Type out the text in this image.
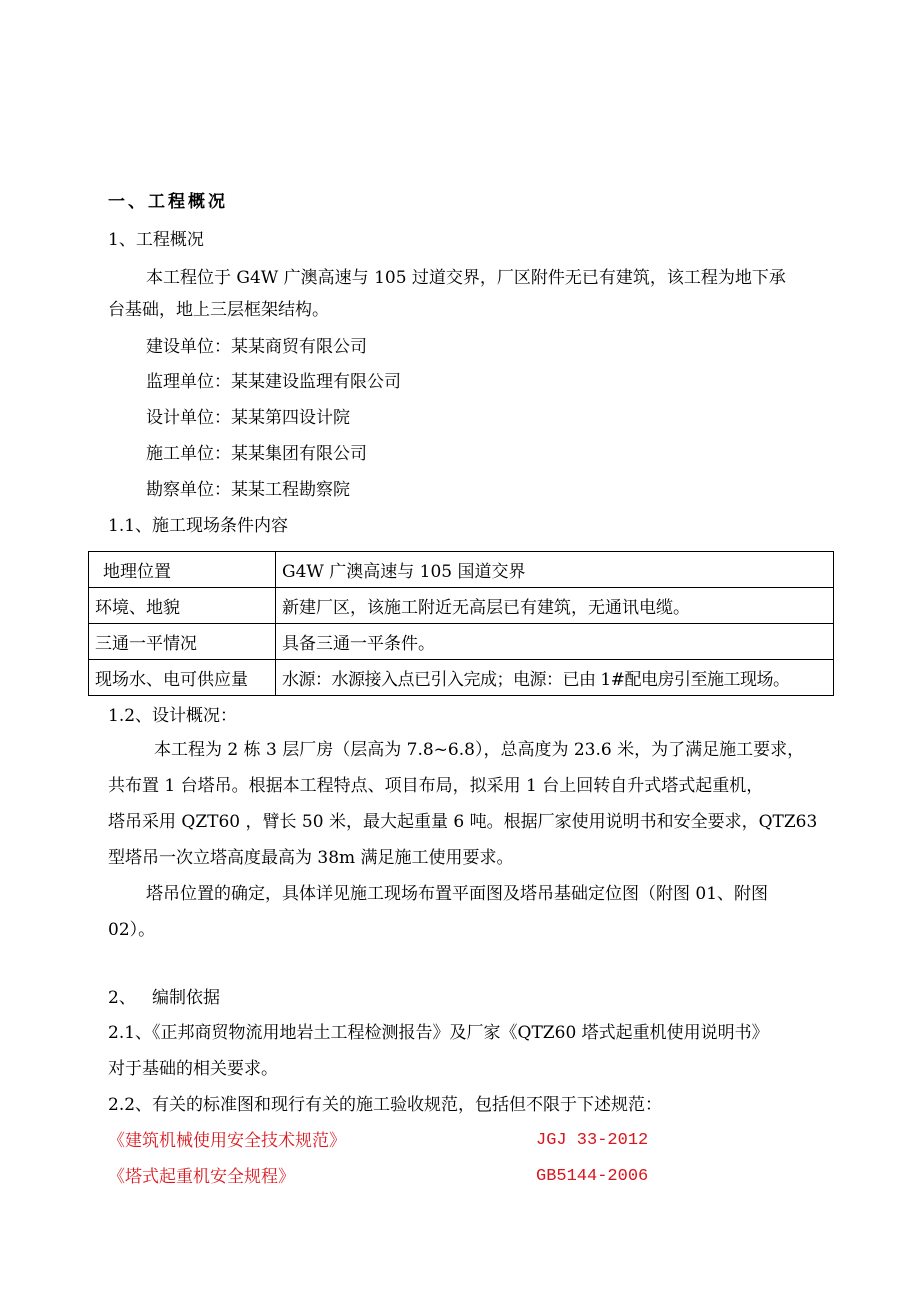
一、工程概况
1、工程概况
本工程位于 G4W 广澳高速与 105 过道交界，厂区附件无已有建筑，该工程为地下承
台基础，地上三层框架结构。
建设单位：某某商贸有限公司
监理单位：某某建设监理有限公司
设计单位：某某第四设计院
施工单位：某某集团有限公司
勘察单位：某某工程勘察院
1.1、施工现场条件内容
地理位置	G4W 广澳高速与 105 国道交界
环境、地貌	新建厂区，该施工附近无高层已有建筑，无通讯电缆。
三通一平情况	具备三通一平条件。
现场水、电可供应量	水源：水源接入点已引入完成；电源：已由 1#配电房引至施工现场。
1.2、设计概况：
本工程为 2 栋 3 层厂房（层高为 7.8~6.8），总高度为 23.6 米，为了满足施工要求，
共布置 1 台塔吊。根据本工程特点、项目布局，拟采用 1 台上回转自升式塔式起重机，
塔吊采用 QZT60 ，臂长 50 米，最大起重量 6 吨。根据厂家使用说明书和安全要求，QTZ63
型塔吊一次立塔高度最高为 38m 满足施工使用要求。
塔吊位置的确定，具体详见施工现场布置平面图及塔吊基础定位图（附图 01、附图
02）。
2、   编制依据
2.1、《正邦商贸物流用地岩土工程检测报告》及厂家《QTZ60 塔式起重机使用说明书》
对于基础的相关要求。
2.2、有关的标准图和现行有关的施工验收规范，包括但不限于下述规范：
《建筑机械使用安全技术规范》	JGJ 33-2012
《塔式起重机安全规程》	GB5144-2006
